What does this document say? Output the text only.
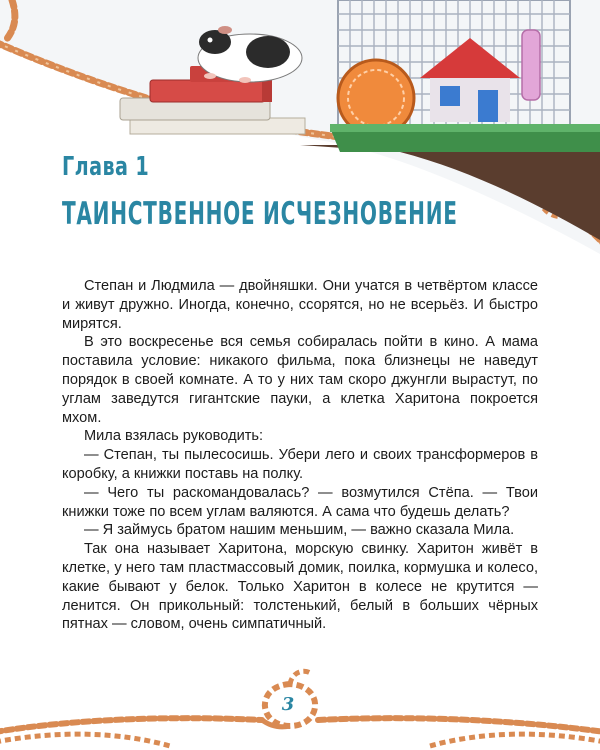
Глава 1
ТАИНСТВЕННОЕ ИСЧЕЗНОВЕНИЕ

Степан и Людмила — двойняшки. Они учатся в четвёртом классе и живут дружно. Иногда, конечно, ссорятся, но не всерьёз. И быстро мирятся.

В это воскресенье вся семья собиралась пойти в кино. А мама поставила условие: никакого фильма, пока близнецы не наведут порядок в своей комнате. А то у них там скоро джунгли вырастут, по углам заведутся гигантские пауки, а клетка Харитона покроется мхом.

Мила взялась руководить:

— Степан, ты пылесосишь. Убери лего и своих трансформеров в коробку, а книжки поставь на полку.

— Чего ты раскомандовалась? — возмутился Стёпа. — Твои книжки тоже по всем углам валяются. А сама что будешь делать?

— Я займусь братом нашим меньшим, — важно сказала Мила.

Так она называет Харитона, морскую свинку. Харитон живёт в клетке, у него там пластмассовый домик, поилка, кормушка и колесо, какие бывают у белок. Только Харитон в колесе не крутится — ленится. Он прикольный: толстенький, белый в больших чёрных пятнах — словом, очень симпатичный.

3
